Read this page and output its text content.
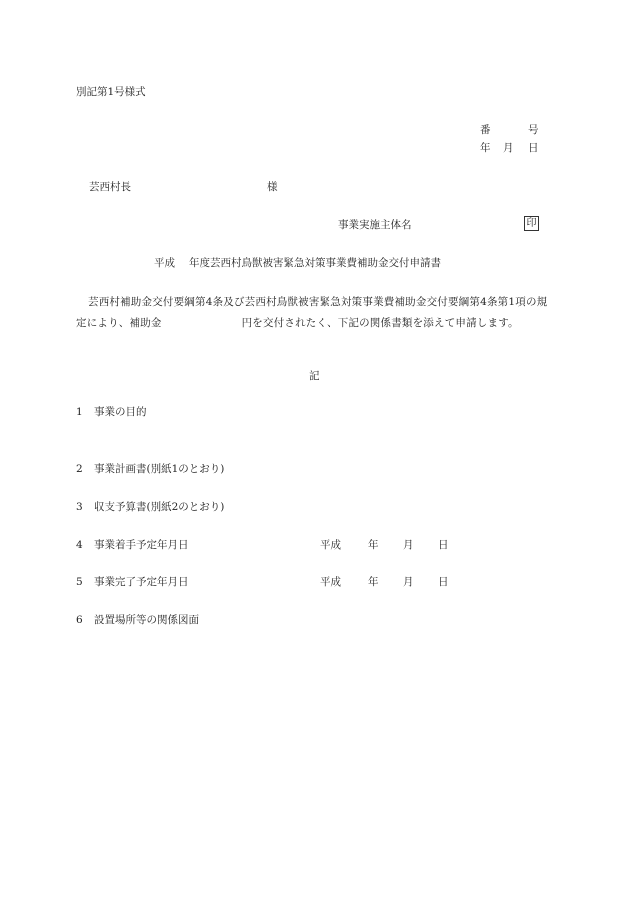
別記第1号様式
番	号
年 月 日
芸西村長	様
事業実施主体名	印
平成 年度芸西村鳥獣被害緊急対策事業費補助金交付申請書
芸西村補助金交付要綱第4条及び芸西村鳥獣被害緊急対策事業費補助金交付要綱第4条第1項の規定により、補助金	円を交付されたく、下記の関係書類を添えて申請します。
記
1 事業の目的
2 事業計画書(別紙1のとおり)
3 収支予算書(別紙2のとおり)
4 事業着手予定年月日	平成	年 月 日
5 事業完了予定年月日	平成	年 月 日
6 設置場所等の関係図面
